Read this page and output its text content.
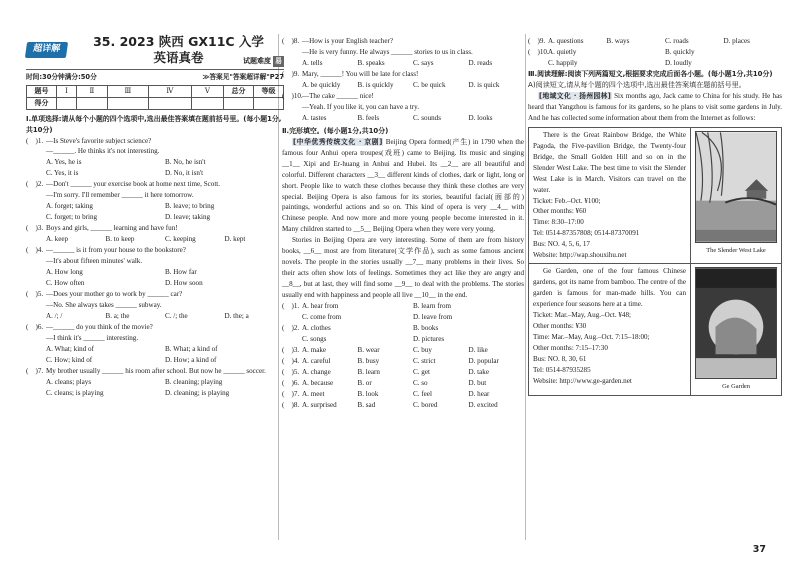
超详解
35. 2023 陕西 GX11C 入学
英语真卷	试题难度 易
时间:30分钟 满分:50分	≫答案见"答案超详解"P27
题号	Ⅰ	Ⅱ	Ⅲ	Ⅳ	Ⅴ	总分	等级
得分							
Ⅰ.单项选择:请从每个小题的四个选项中,选出最佳答案填在题前括号里。(每小题1分,共10分)
(    )1. —Is Steve's favorite subject science?
—______. He thinks it's not interesting.
A. Yes, he is	B. No, he isn't
C. Yes, it is	D. No, it isn't
(    )2. —Don't ______ your exercise book at home next time, Scott.
—I'm sorry. I'll remember ______ it here tomorrow.
A. forget; taking	B. leave; to bring
C. forget; to bring	D. leave; taking
(    )3. Boys and girls, ______ learning and have fun!
A. keep	B. to keep	C. keeping	D. kept
(    )4. —______ is it from your house to the bookstore?
—It's about fifteen minutes' walk.
A. How long	B. How far
C. How often	D. How soon
(    )5. —Does your mother go to work by ______ car?
—No. She always takes ______ subway.
A. /; /	B. a; the	C. /; the	D. the; a
(    )6. —______ do you think of the movie?
—I think it's ______ interesting.
A. What; kind of	B. What; a kind of
C. How; kind of	D. How; a kind of
(    )7. My brother usually ______ his room after school. But now he ______ soccer.
A. cleans; plays	B. cleaning; playing
C. cleans; is playing	D. cleaning; is playing
(    )8. —How is your English teacher?
—He is very funny. He always ______ stories to us in class.
A. tells	B. speaks	C. says	D. reads
(    )9. Mary, ______! You will be late for class!
A. be quickly	B. is quickly	C. be quick	D. is quick
(    )10. —The cake ______ nice!
—Yeah. If you like it, you can have a try.
A. tastes	B. feels	C. sounds	D. looks
Ⅱ.完形填空。(每小题1分,共10分)
[中华优秀传统文化 · 京剧] Beijing Opera formed(产生) in 1790 when the famous four Anhui opera troupes(戏班) came to Beijing. Its music and singing __1__ Xipi and Er-huang in Anhui and Hubei. Its __2__ are all beautiful and colorful. Different characters __3__ different kinds of clothes, dark or light, long or short. People like to watch these clothes because they think these clothes are very special. Beijing Opera is also famous for its stories, beautiful facial(面部的) paintings, wonderful actions and so on. This kind of opera is very __4__ with Chinese people. And now more and more young people become interested in it. Many children started to __5__ Beijing Opera when they were very young.
Stories in Beijing Opera are very interesting. Some of them are from history books, __6__ most are from literature(文学作品), such as some famous ancient novels. The people in the stories usually __7__ many problems in their lives. So their acts often show lots of feelings. Sometimes they act like they are angry and __8__, but at last, they will find some __9__ to deal with the problems. The stories usually end with happiness and people all live __10__ in the end.
(    )1. A. hear from	B. learn from
C. come from	D. leave from
(    )2. A. clothes	B. books
C. songs	D. pictures
(    )3. A. make	B. wear	C. buy	D. like
(    )4. A. careful	B. busy	C. strict	D. popular
(    )5. A. change	B. learn	C. get	D. take
(    )6. A. because	B. or	C. so	D. but
(    )7. A. meet	B. look	C. feel	D. hear
(    )8. A. surprised	B. sad	C. bored	D. excited
(    )9. A. questions	B. ways	C. roads	D. places
(    )10. A. quietly	B. quickly
C. happily	D. loudly
Ⅲ.阅读理解:阅读下列两篇短文,根据要求完成后面各小题。(每小题1分,共10分)
A)阅读短文,请从每个题的四个选项中,选出最佳答案填在题前括号里。
[地域文化 · 扬州园林] Six months ago, Jack came to China for his study. He has heard that Yangzhou is famous for its gardens, so he plans to visit some gardens in July. And he has collected some information about them from the Internet as follows:
There is the Great Rainbow Bridge, the White Pagoda, the Five-pavilion Bridge, the Twenty-four Bridge, the Small Golden Hill and so on in the Slender West Lake. The best time to visit the Slender West Lake is in March. Visitors can travel on the water.
Ticket: Feb.–Oct. ¥100;
Other months: ¥60
Time: 8:30–17:00
Tel: 0514-87357808; 0514-87370091
Bus: NO. 4, 5, 6, 17
Website: http://wap.shouxihu.net
The Slender West Lake
Ge Garden, one of the four famous Chinese gardens, got its name from bamboo. The centre of the garden is famous for man-made hills. You can experience four seasons here at a time.
Ticket: Mar.–May, Aug.–Oct. ¥48;
Other months: ¥30
Time: Mar.–May, Aug.–Oct. 7:15–18:00;
Other months: 7:15–17:30
Bus: NO. 8, 30, 61
Tel: 0514-87935285
Website: http://www.ge-garden.net
Ge Garden
37
